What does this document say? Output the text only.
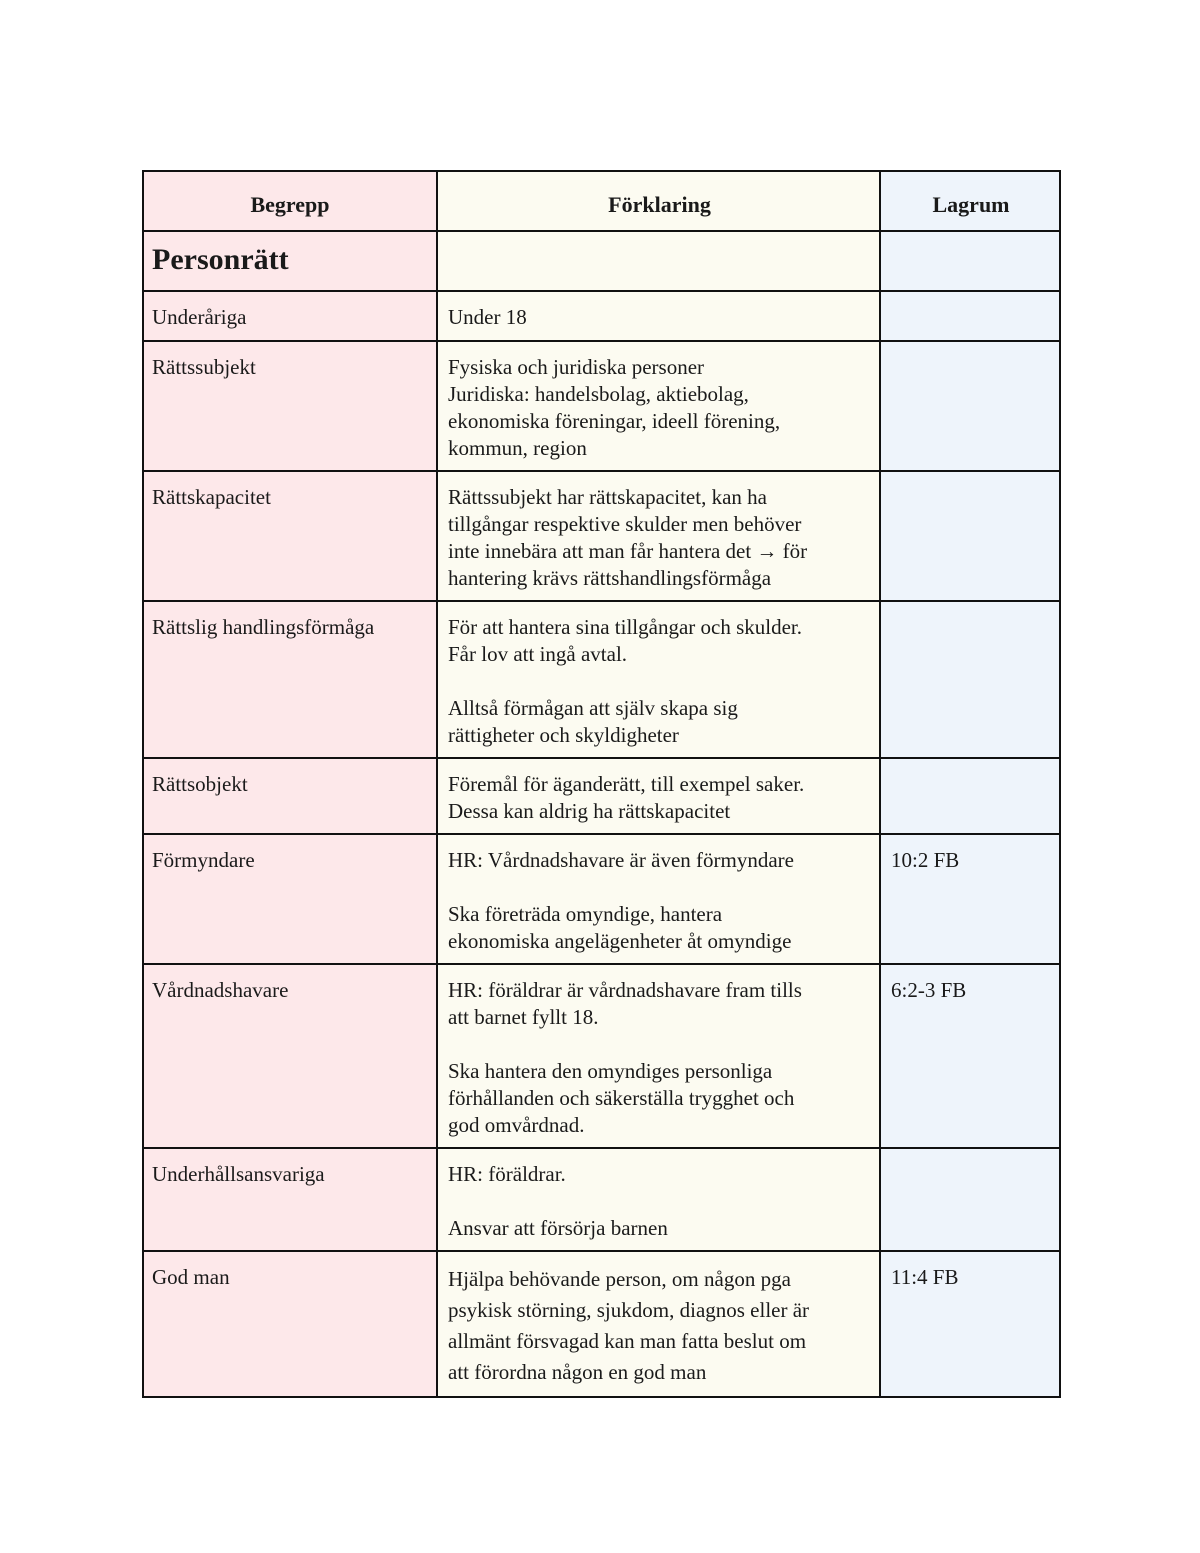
Begrepp	Förklaring	Lagrum
Personrätt		
Underåriga	Under 18	

Rättssubjekt	Fysiska och juridiska personer
Juridiska: handelsbolag, aktiebolag,
ekonomiska föreningar, ideell förening,
kommun, region	

Rättskapacitet	Rättssubjekt har rättskapacitet, kan ha
tillgångar respektive skulder men behöver
inte innebära att man får hantera det → för
hantering krävs rättshandlingsförmåga	

Rättslig handlingsförmåga	För att hantera sina tillgångar och skulder.
Får lov att ingå avtal.
Alltså förmågan att själv skapa sig
rättigheter och skyldigheter	

Rättsobjekt	Föremål för äganderätt, till exempel saker.
Dessa kan aldrig ha rättskapacitet	

Förmyndare	HR: Vårdnadshavare är även förmyndare
Ska företräda omyndige, hantera
ekonomiska angelägenheter åt omyndige	10:2 FB
Vårdnadshavare	HR: föräldrar är vårdnadshavare fram tills
att barnet fyllt 18.
Ska hantera den omyndiges personliga
förhållanden och säkerställa trygghet och
god omvårdnad.	6:2-3 FB
Underhållsansvariga	HR: föräldrar.
Ansvar att försörja barnen	

God man	Hjälpa behövande person, om någon pga
psykisk störning, sjukdom, diagnos eller är
allmänt försvagad kan man fatta beslut om
att förordna någon en god man	11:4 FB
